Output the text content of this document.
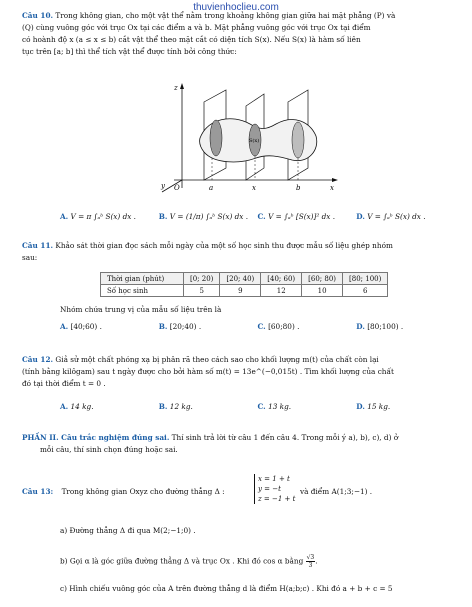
thuvienhoclieu.com
Câu 10. Trong không gian, cho một vật thể nằm trong khoảng không gian giữa hai mặt phẳng (P) và
(Q) cùng vuông góc với trục Ox tại các điểm a và b. Mặt phẳng vuông góc với trục Ox tại điểm
có hoành độ x (a ≤ x ≤ b) cắt vật thể theo mặt cắt có diện tích S(x). Nếu S(x) là hàm số liên
tục trên [a; b] thì thể tích vật thể được tính bởi công thức:
z
y	x
O	a	x	b
S(x)
A. V = π ∫ₐᵇ S(x) dx .	B. V = (1/π) ∫ₐᵇ S(x) dx .	C. V = ∫ₐᵇ [S(x)]² dx .	D. V = ∫ₐᵇ S(x) dx .
Câu 11. Khảo sát thời gian đọc sách mỗi ngày của một số học sinh thu được mẫu số liệu ghép nhóm
sau:
Thời gian (phút)	[0; 20)	[20; 40)	[40; 60)	[60; 80)	[80; 100)
Số học sinh	5	9	12	10	6
Nhóm chứa trung vị của mẫu số liệu trên là
A. [40;60) .	B. [20;40) .	C. [60;80) .	D. [80;100) .
Câu 12. Giả sử một chất phóng xạ bị phân rã theo cách sao cho khối lượng m(t) của chất còn lại
(tính bằng kilôgam) sau t ngày được cho bởi hàm số m(t) = 13e^(−0,015t) . Tìm khối lượng của chất
đó tại thời điểm t = 0 .
A. 14 kg.	B. 12 kg.	C. 13 kg.	D. 15 kg.
PHẦN II. Câu trắc nghiệm đúng sai. Thí sinh trả lời từ câu 1 đến câu 4. Trong mỗi ý a), b), c), d) ở
mỗi câu, thí sinh chọn đúng hoặc sai.
Câu 13: Trong không gian Oxyz cho đường thẳng Δ :
x = 1 + t
y = −t
z = −1 + t
và điểm A(1;3;−1) .
a) Đường thẳng Δ đi qua M(2;−1;0) .
b) Gọi α là góc giữa đường thẳng Δ và trục Ox . Khi đó cos α bằng $\frac{√3}{3}$.
c) Hình chiếu vuông góc của A trên đường thẳng d là điểm H(a;b;c) . Khi đó a + b + c = 5
